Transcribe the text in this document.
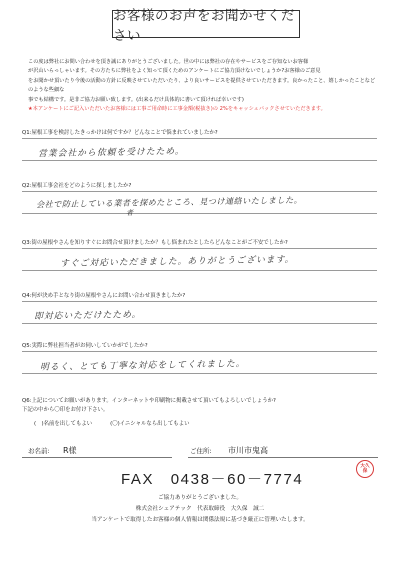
お客様のお声をお聞かせください

この度は弊社にお問い合わせを頂き誠にありがとうございました。世の中には弊社の存在やサービスをご存知ないお客様

が沢山いらっしゃいます。その方たちに弊社をよく知って頂くためのアンケートにご協力頂けないでしょうか?お客様のご意見

をお聞かせ頂いたり今後の活動の方針に反映させていただいたり、より良いサービスを提供させていただきます。良かったこと、嬉しかったことなどのような些細な

事でも結構です。是非ご協力お願い致します。(出来るだけ具体的に書いて頂ければ幸いです)

★本アンケートにご記入いただいたお客様には工事ご用命時に工事金額(税抜き)の 2%をキャッシュバックさせていただきます。

Q1:屋根工事を検討したきっかけは何ですか？どんなことで悩まれていましたか?
営業会社から依頼を受けたため。
Q2:屋根工事会社をどのように探しましたか?
会社で防止している業者を探めたところ、見つけ連絡いたしました。
者
Q3:街の屋根やさんを知りすぐにお問合せ頂けましたか？もし悩まれたとしたらどんなことがご不安でしたか?
すぐご対応いただきました。ありがとうございます。
Q4:何が決め手となり街の屋根やさんにお問い合わせ頂きましたか?
即対応いただけたため。
Q5:実際に弊社担当者がお伺いしていかがでしたか?
明るく、とても丁寧な対応をしてくれました。

Q6:上記についてお願いがあります。インターネットや印刷物に掲載させて頂いてもよろしいでしょうか?

下記の中から〇印をお付け下さい。

(　)名前を出してもよい	(〇)イニシャルなら出してもよい
お名前: R様	ご住所: 市川市鬼高
FAX　0438－60－7774
大久
保
ご協力ありがとうございました。
株式会社シェアテック　代表取締役　大久保　誠二
当アンケートで取得したお客様の個人情報は関係法規に基づき厳正に管理いたします。
